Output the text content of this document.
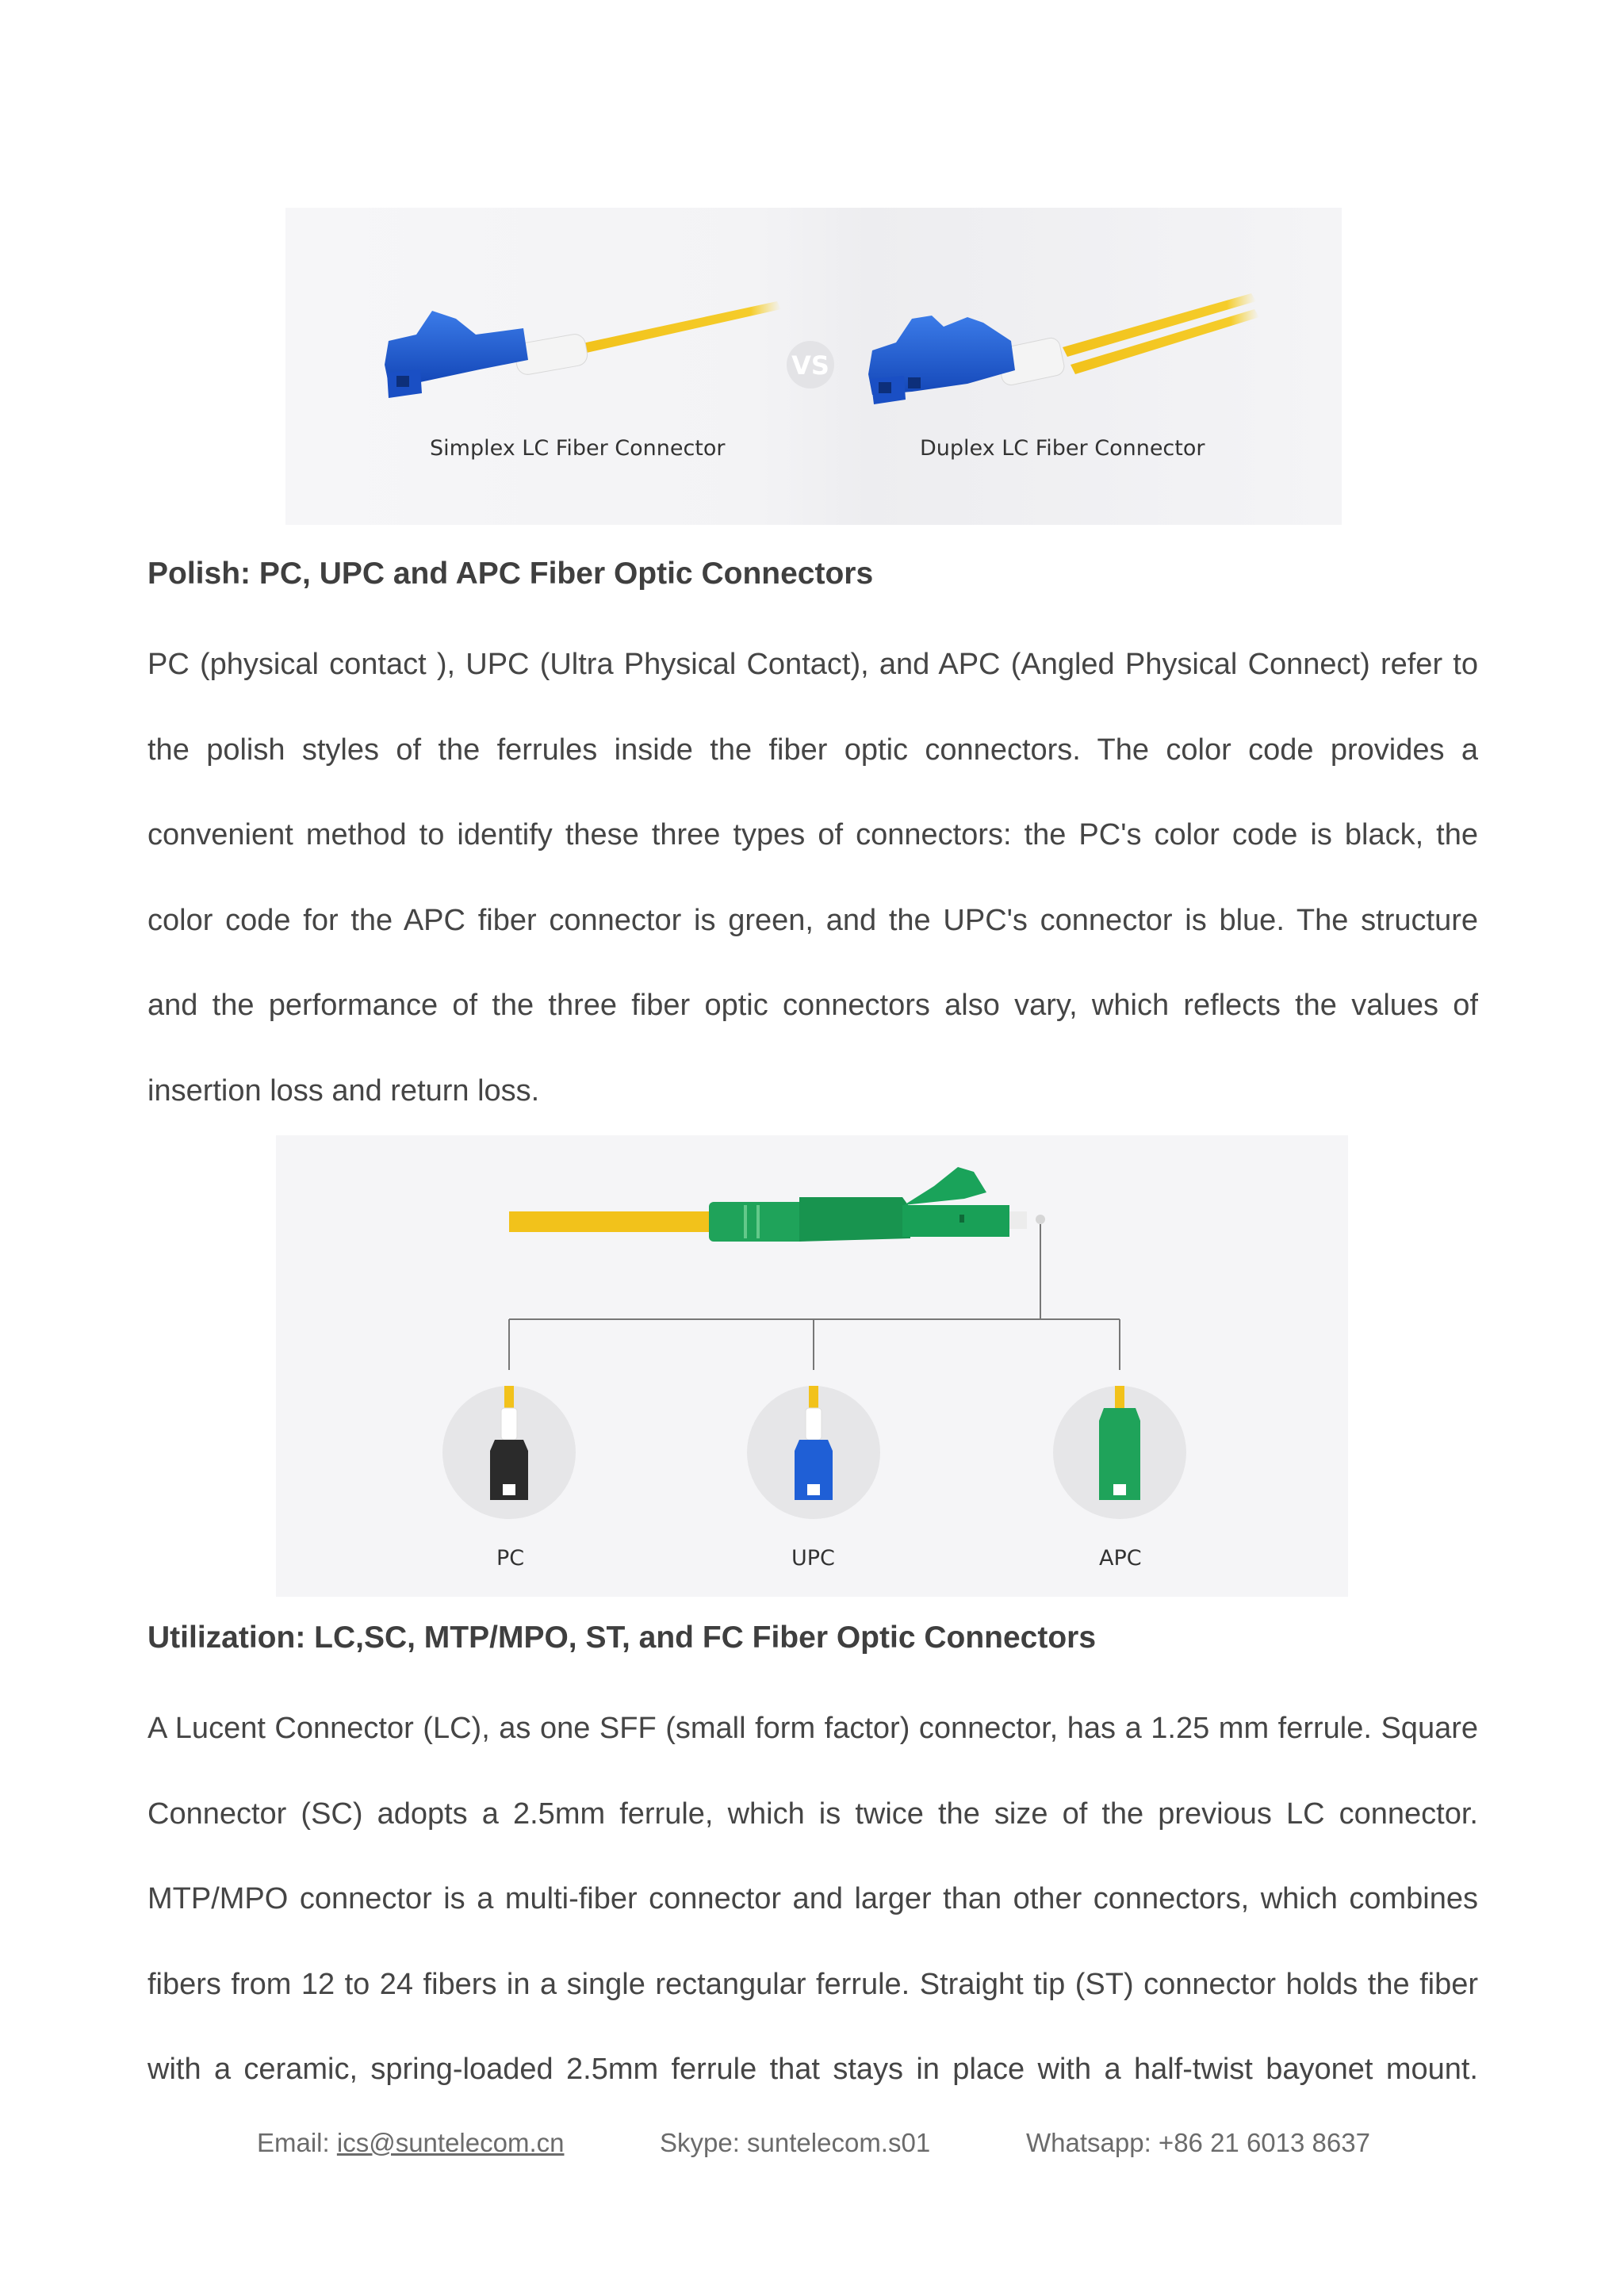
VS
Simplex LC Fiber Connector	Duplex LC Fiber Connector
Polish: PC, UPC and APC Fiber Optic Connectors
PC (physical contact ), UPC (Ultra Physical Contact), and APC (Angled Physical Connect) refer to
the polish styles of the ferrules inside the fiber optic connectors. The color code provides a
convenient method to identify these three types of connectors: the PC's color code is black, the
color code for the APC fiber connector is green, and the UPC's connector is blue. The structure
and the performance of the three fiber optic connectors also vary, which reflects the values of
insertion loss and return loss.
PC	UPC	APC
Utilization: LC,SC, MTP/MPO, ST, and FC Fiber Optic Connectors
A Lucent Connector (LC), as one SFF (small form factor) connector, has a 1.25 mm ferrule. Square
Connector (SC) adopts a 2.5mm ferrule, which is twice the size of the previous LC connector.
MTP/MPO connector is a multi-fiber connector and larger than other connectors, which combines
fibers from 12 to 24 fibers in a single rectangular ferrule. Straight tip (ST) connector holds the fiber
with a ceramic, spring-loaded 2.5mm ferrule that stays in place with a half-twist bayonet mount.
Email: ics@suntelecom.cn	Skype: suntelecom.s01	Whatsapp: +86 21 6013 8637
